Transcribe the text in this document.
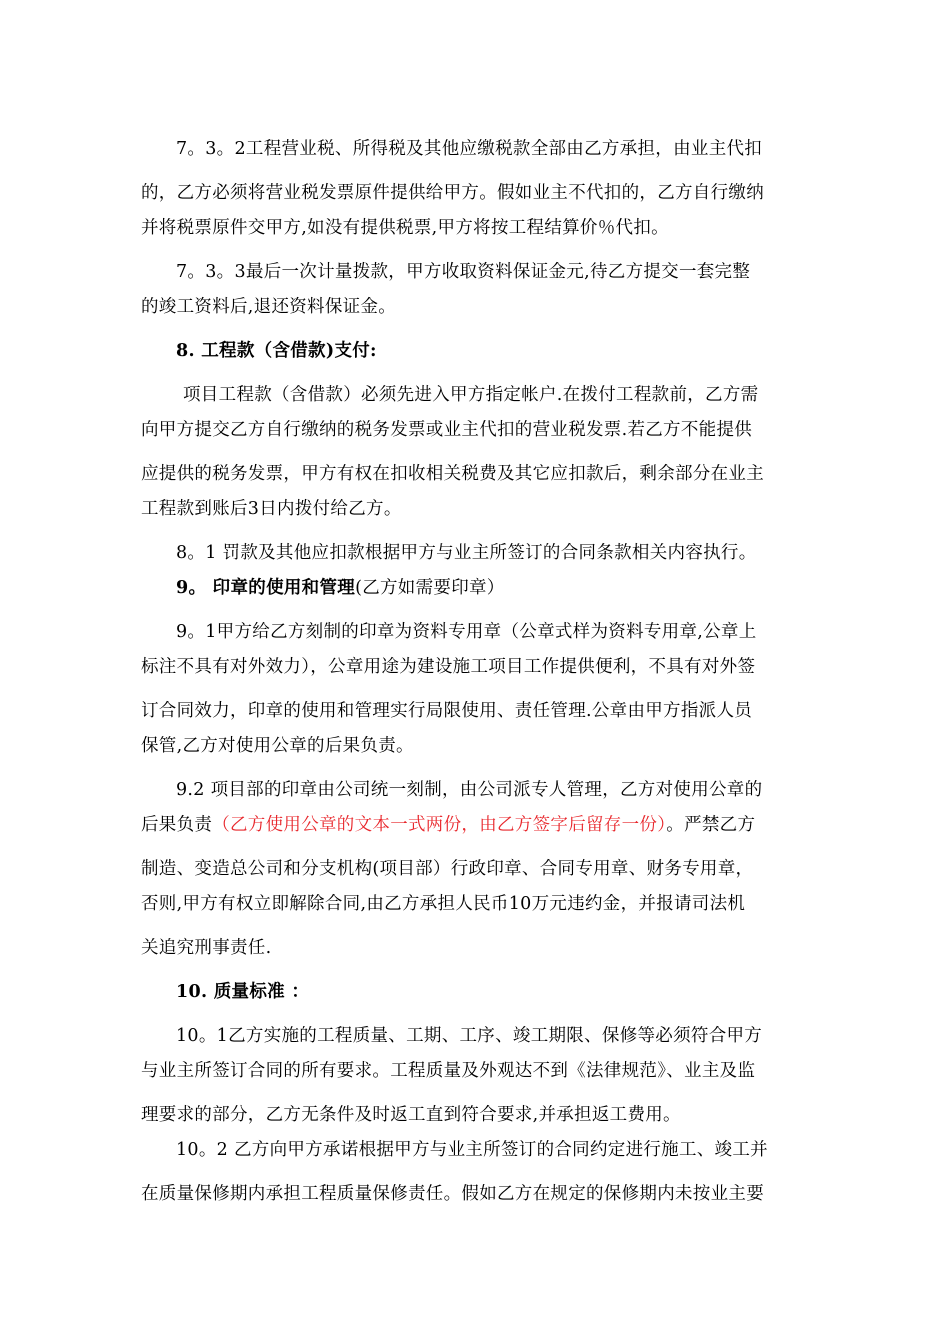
7。3。2工程营业税、所得税及其他应缴税款全部由乙方承担，由业主代扣
的，乙方必须将营业税发票原件提供给甲方。假如业主不代扣的，乙方自行缴纳
并将税票原件交甲方,如没有提供税票,甲方将按工程结算价％代扣。
7。3。3最后一次计量拨款，甲方收取资料保证金元,待乙方提交一套完整
的竣工资料后,退还资料保证金。
8. 工程款（含借款)支付:
项目工程款（含借款）必须先进入甲方指定帐户.在拨付工程款前，乙方需
向甲方提交乙方自行缴纳的税务发票或业主代扣的营业税发票.若乙方不能提供
应提供的税务发票，甲方有权在扣收相关税费及其它应扣款后，剩余部分在业主
工程款到账后3日内拨付给乙方。
8。1 罚款及其他应扣款根据甲方与业主所签订的合同条款相关内容执行。
9。 印章的使用和管理(乙方如需要印章）
9。1甲方给乙方刻制的印章为资料专用章（公章式样为资料专用章,公章上
标注不具有对外效力），公章用途为建设施工项目工作提供便利，不具有对外签
订合同效力，印章的使用和管理实行局限使用、责任管理.公章由甲方指派人员
保管,乙方对使用公章的后果负责。
9.2 项目部的印章由公司统一刻制，由公司派专人管理，乙方对使用公章的
后果负责（乙方使用公章的文本一式两份，由乙方签字后留存一份）。严禁乙方
制造、变造总公司和分支机构(项目部）行政印章、合同专用章、财务专用章，
否则,甲方有权立即解除合同,由乙方承担人民币10万元违约金，并报请司法机
关追究刑事责任.
10. 质量标准 ：
10。1乙方实施的工程质量、工期、工序、竣工期限、保修等必须符合甲方
与业主所签订合同的所有要求。工程质量及外观达不到《法律规范》、业主及监
理要求的部分，乙方无条件及时返工直到符合要求,并承担返工费用。
10。2 乙方向甲方承诺根据甲方与业主所签订的合同约定进行施工、竣工并
在质量保修期内承担工程质量保修责任。假如乙方在规定的保修期内未按业主要
